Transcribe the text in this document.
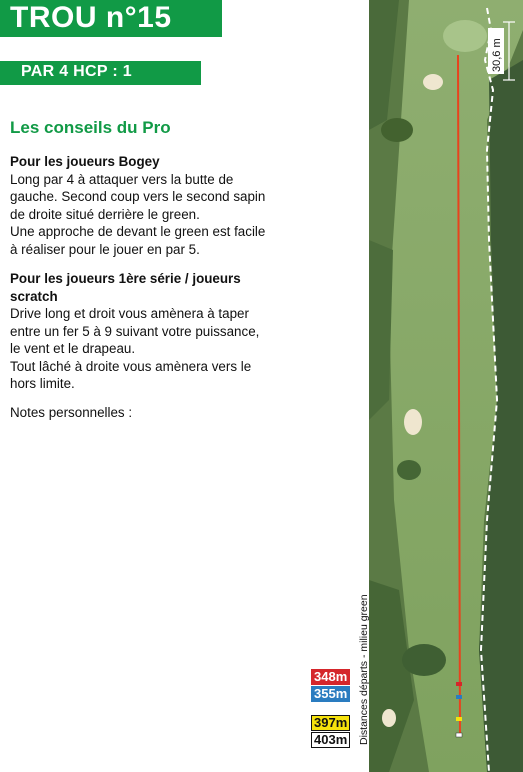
TROU n°15
PAR 4 HCP : 1
Les conseils du Pro
Pour les joueurs Bogey
Long par 4 à attaquer vers la butte de
gauche. Second coup vers le second sapin
de droite situé derrière le green.
Une approche de devant le green est facile
à réaliser pour le jouer en par 5.
Pour les joueurs 1ère série / joueurs
scratch
Drive long et droit vous amènera à taper
entre un fer 5 à 9 suivant votre puissance,
le vent et le drapeau.
Tout lâché à droite vous amènera vers le
hors limite.
Notes personnelles :
30,6 m
348m
355m
397m
403m Distances départs - milieu green
